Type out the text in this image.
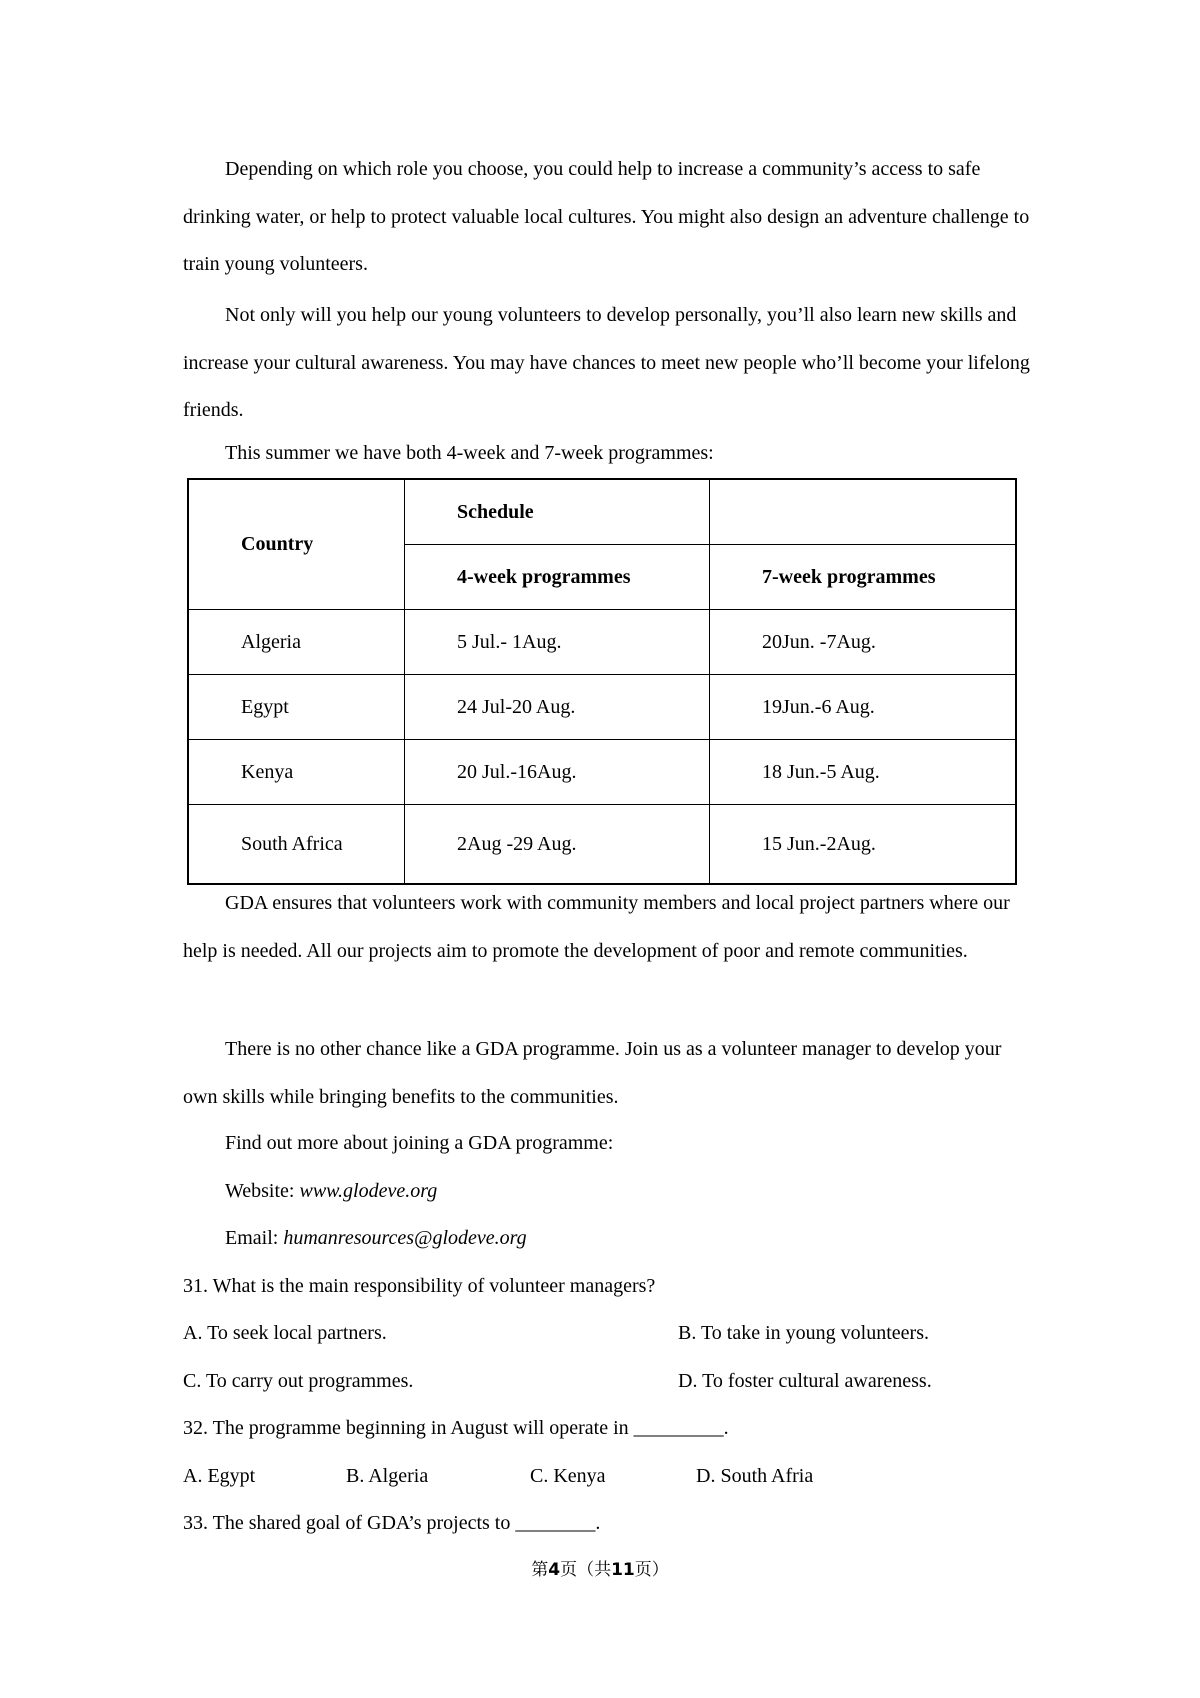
Depending on which role you choose, you could help to increase a community’s access to safe drinking water, or help to protect valuable local cultures. You might also design an adventure challenge to train young volunteers.

Not only will you help our young volunteers to develop personally, you’ll also learn new skills and increase your cultural awareness. You may have chances to meet new people who’ll become your lifelong friends.

This summer we have both 4-week and 7-week programmes:
Country	Schedule	
	4-week programmes	7-week programmes
Algeria	5 Jul.- 1Aug.	20Jun. -7Aug.
Egypt	24 Jul-20 Aug.	19Jun.-6 Aug.
Kenya	20 Jul.-16Aug.	18 Jun.-5 Aug.
South Africa	2Aug -29 Aug.	15 Jun.-2Aug.

GDA ensures that volunteers work with community members and local project partners where our help is needed. All our projects aim to promote the development of poor and remote communities.

There is no other chance like a GDA programme. Join us as a volunteer manager to develop your own skills while bringing benefits to the communities.

Find out more about joining a GDA programme:
Website: www.glodeve.org
Email: humanresources@glodeve.org
31. What is the main responsibility of volunteer managers?
A. To seek local partners.	B. To take in young volunteers.
C. To carry out programmes.	D. To foster cultural awareness.
32. The programme beginning in August will operate in _________.
A. Egypt	B. Algeria	C. Kenya	D. South Afria
33. The shared goal of GDA’s projects to ________.
第4页（共11页）
